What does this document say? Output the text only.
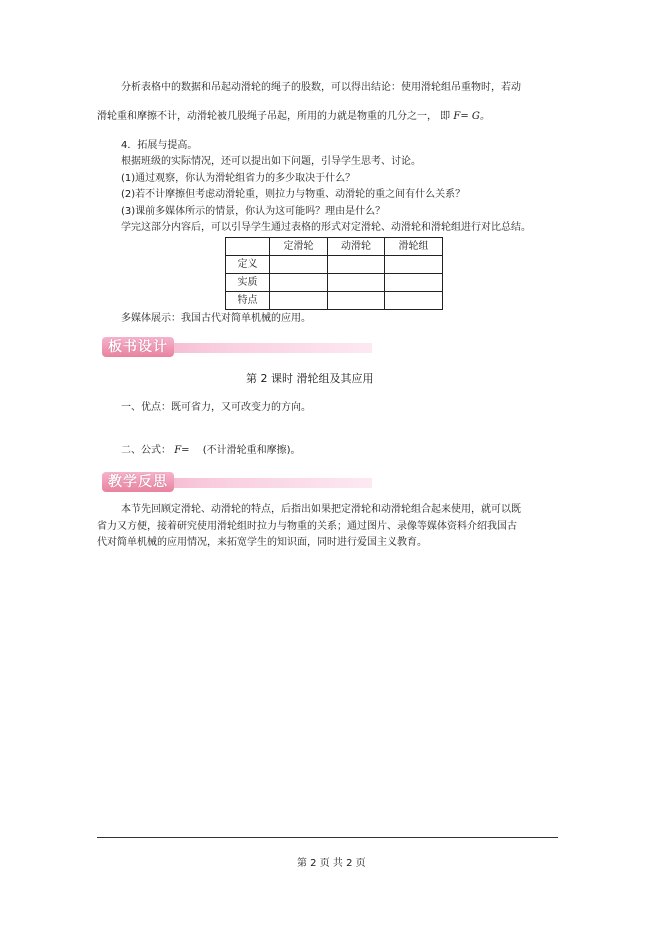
分析表格中的数据和吊起动滑轮的绳子的股数，可以得出结论：使用滑轮组吊重物时，若动
滑轮重和摩擦不计，动滑轮被几股绳子吊起，所用的力就是物重的几分之一， 即 F= G。
4．拓展与提高。
根据班级的实际情况，还可以提出如下问题，引导学生思考、讨论。
(1)通过观察，你认为滑轮组省力的多少取决于什么？
(2)若不计摩擦但考虑动滑轮重，则拉力与物重、动滑轮的重之间有什么关系？
(3)课前多媒体所示的情景，你认为这可能吗？理由是什么？
学完这部分内容后，可以引导学生通过表格的形式对定滑轮、动滑轮和滑轮组进行对比总结。
	定滑轮	动滑轮	滑轮组
定义			
实质			
特点			
多媒体展示：我国古代对简单机械的应用。
板书设计
第 2 课时 滑轮组及其应用
一、优点：既可省力，又可改变力的方向。
二、公式： F= (不计滑轮重和摩擦)。
教学反思
本节先回顾定滑轮、动滑轮的特点，后指出如果把定滑轮和动滑轮组合起来使用，就可以既
省力又方便，接着研究使用滑轮组时拉力与物重的关系；通过图片、录像等媒体资料介绍我国古
代对简单机械的应用情况，来拓宽学生的知识面，同时进行爱国主义教育。
第 2 页 共 2 页
